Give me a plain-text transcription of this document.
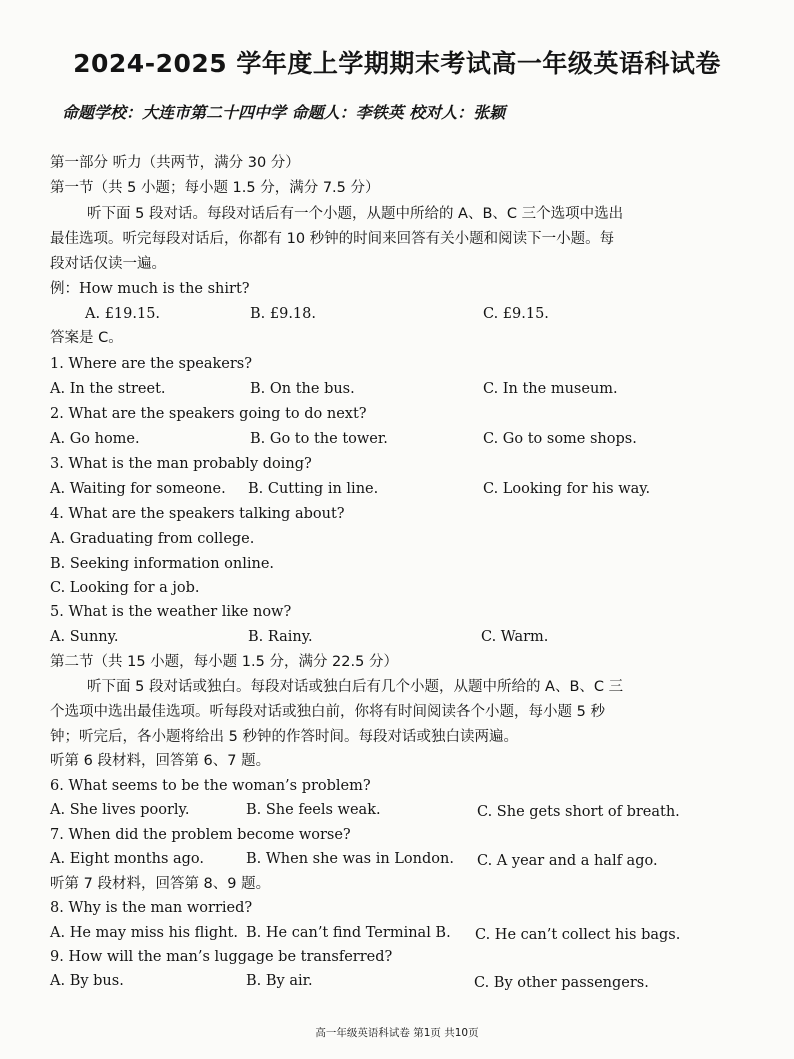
2024-2025 学年度上学期期末考试高一年级英语科试卷
命题学校：大连市第二十四中学 命题人：李铁英 校对人：张颖
第一部分 听力（共两节，满分 30 分）
第一节（共 5 小题；每小题 1.5 分，满分 7.5 分）
听下面 5 段对话。每段对话后有一个小题，从题中所给的 A、B、C 三个选项中选出
最佳选项。听完每段对话后，你都有 10 秒钟的时间来回答有关小题和阅读下一小题。每
段对话仅读一遍。
例：How much is the shirt?
A. £19.15.	B. £9.18.	C. £9.15.
答案是 C。
1. Where are the speakers?
A. In the street.	B. On the bus.	C. In the museum.
2. What are the speakers going to do next?
A. Go home.	B. Go to the tower.	C. Go to some shops.
3. What is the man probably doing?
A. Waiting for someone. B. Cutting in line.	C. Looking for his way.
4. What are the speakers talking about?
A. Graduating from college.
B. Seeking information online.
C. Looking for a job.
5. What is the weather like now?
A. Sunny.	B. Rainy.	C. Warm.
第二节（共 15 小题，每小题 1.5 分，满分 22.5 分）
听下面 5 段对话或独白。每段对话或独白后有几个小题，从题中所给的 A、B、C 三
个选项中选出最佳选项。听每段对话或独白前，你将有时间阅读各个小题，每小题 5 秒
钟；听完后，各小题将给出 5 秒钟的作答时间。每段对话或独白读两遍。
听第 6 段材料，回答第 6、7 题。
6. What seems to be the woman’s problem?
A. She lives poorly.	B. She feels weak.	C. She gets short of breath.
7. When did the problem become worse?
A. Eight months ago.	B. When she was in London. C. A year and a half ago.
听第 7 段材料，回答第 8、9 题。
8. Why is the man worried?
A. He may miss his flight. B. He can’t find Terminal B. C. He can’t collect his bags.
9. How will the man’s luggage be transferred?
A. By bus.	B. By air.	C. By other passengers.
高一年级英语科试卷 第1页 共10页
